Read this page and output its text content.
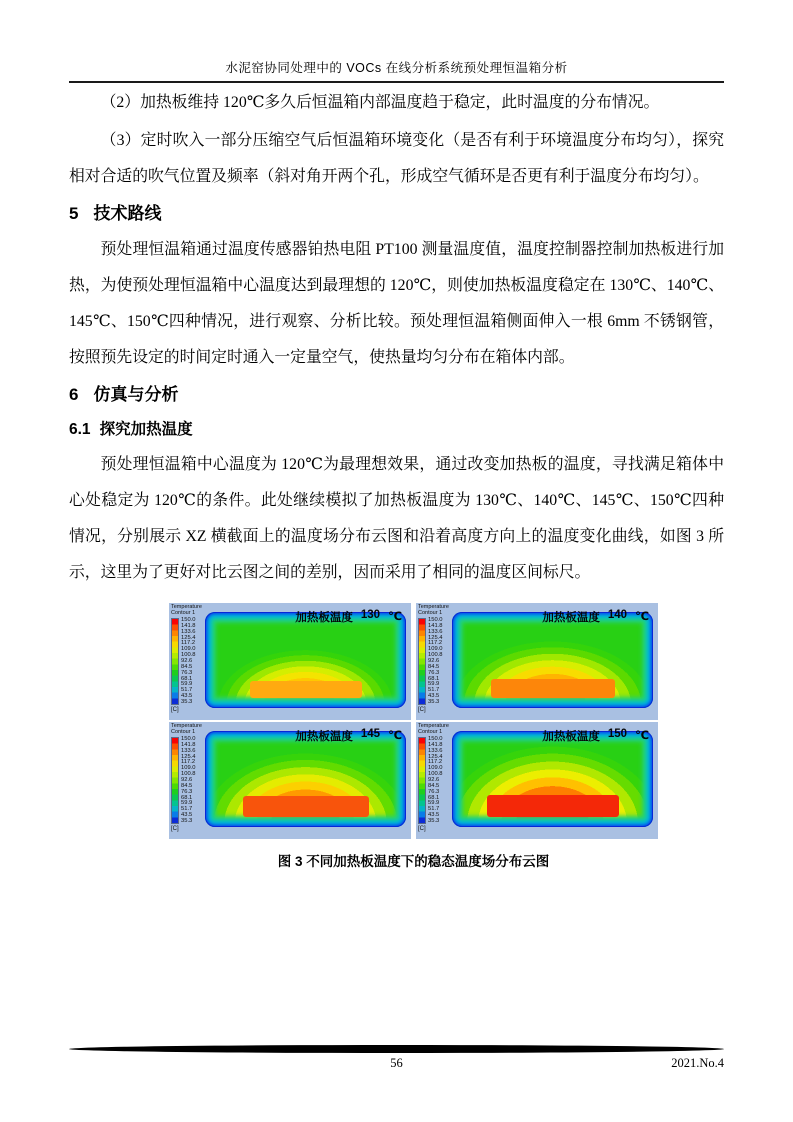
水泥窑协同处理中的 VOCs 在线分析系统预处理恒温箱分析

（2）加热板维持 120℃多久后恒温箱内部温度趋于稳定，此时温度的分布情况。

（3）定时吹入一部分压缩空气后恒温箱环境变化（是否有利于环境温度分布均匀），探究相对合适的吹气位置及频率（斜对角开两个孔，形成空气循环是否更有利于温度分布均匀）。

5 技术路线

预处理恒温箱通过温度传感器铂热电阻 PT100 测量温度值，温度控制器控制加热板进行加热，为使预处理恒温箱中心温度达到最理想的 120℃，则使加热板温度稳定在 130℃、140℃、145℃、150℃四种情况，进行观察、分析比较。预处理恒温箱侧面伸入一根 6mm 不锈钢管，按照预先设定的时间定时通入一定量空气，使热量均匀分布在箱体内部。

6 仿真与分析
6.1 探究加热温度

预处理恒温箱中心温度为 120℃为最理想效果，通过改变加热板的温度，寻找满足箱体中心处稳定为 120℃的条件。此处继续模拟了加热板温度为 130℃、140℃、145℃、150℃四种情况，分别展示 XZ 横截面上的温度场分布云图和沿着高度方向上的温度变化曲线，如图 3 所示，这里为了更好对比云图之间的差别，因而采用了相同的温度区间标尺。

Temperature
Contour 1
150.0
141.8
133.6
125.4
117.2
109.0
100.8
92.6
84.5
76.3
68.1
59.9
51.7
43.5
35.3
[C]
加热板温度 130 ℃
Temperature
Contour 1
150.0
141.8
133.6
125.4
117.2
109.0
100.8
92.6
84.5
76.3
68.1
59.9
51.7
43.5
35.3
[C]
加热板温度 140 ℃
Temperature
Contour 1
150.0
141.8
133.6
125.4
117.2
109.0
100.8
92.6
84.5
76.3
68.1
59.9
51.7
43.5
35.3
[C]
加热板温度 145 ℃
Temperature
Contour 1
150.0
141.8
133.6
125.4
117.2
109.0
100.8
92.6
84.5
76.3
68.1
59.9
51.7
43.5
35.3
[C]
加热板温度 150 ℃
图 3 不同加热板温度下的稳态温度场分布云图
56	2021.No.4
